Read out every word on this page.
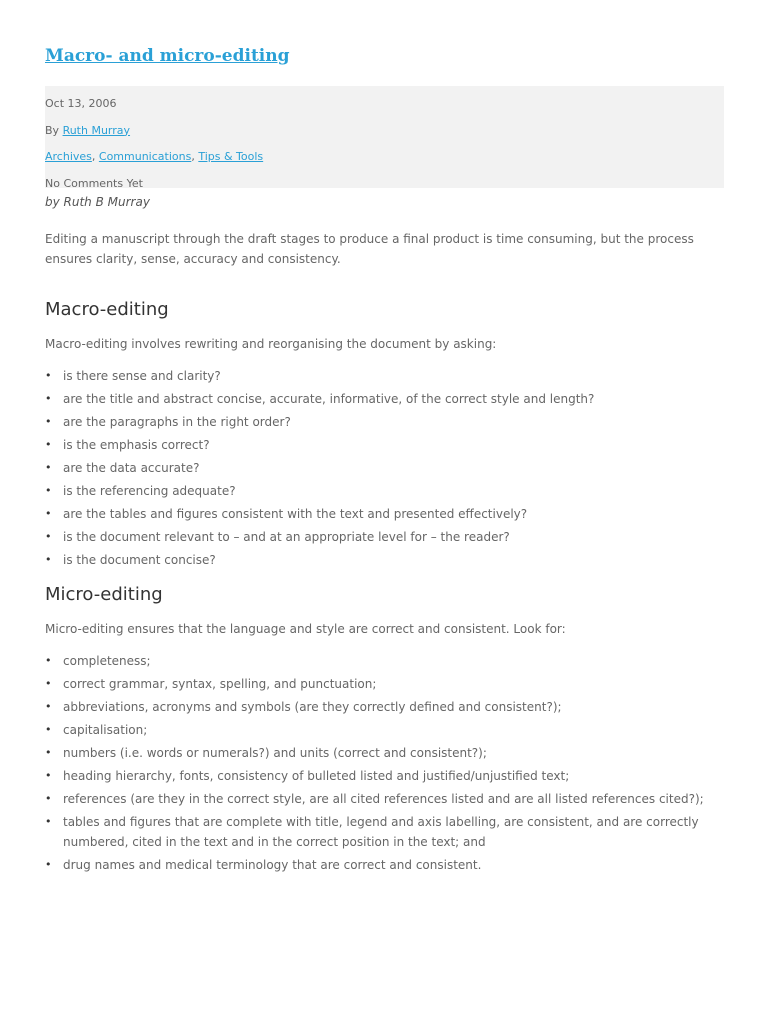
Macro- and micro-editing
Oct 13, 2006
By Ruth Murray
Archives, Communications, Tips & Tools
No Comments Yet

by Ruth B Murray

Editing a manuscript through the draft stages to produce a final product is time consuming, but the process ensures clarity, sense, accuracy and consistency.

Macro-editing

Macro-editing involves rewriting and reorganising the document by asking:

• is there sense and clarity?
• are the title and abstract concise, accurate, informative, of the correct style and length?
• are the paragraphs in the right order?
• is the emphasis correct?
• are the data accurate?
• is the referencing adequate?
• are the tables and figures consistent with the text and presented effectively?
• is the document relevant to – and at an appropriate level for – the reader?
• is the document concise?
Micro-editing

Micro-editing ensures that the language and style are correct and consistent. Look for:

• completeness;
• correct grammar, syntax, spelling, and punctuation;
• abbreviations, acronyms and symbols (are they correctly defined and consistent?);
• capitalisation;
• numbers (i.e. words or numerals?) and units (correct and consistent?);
• heading hierarchy, fonts, consistency of bulleted listed and justified/unjustified text;
• references (are they in the correct style, are all cited references listed and are all listed references cited?);
• tables and figures that are complete with title, legend and axis labelling, are consistent, and are correctly numbered, cited in the text and in the correct position in the text; and
• drug names and medical terminology that are correct and consistent.
